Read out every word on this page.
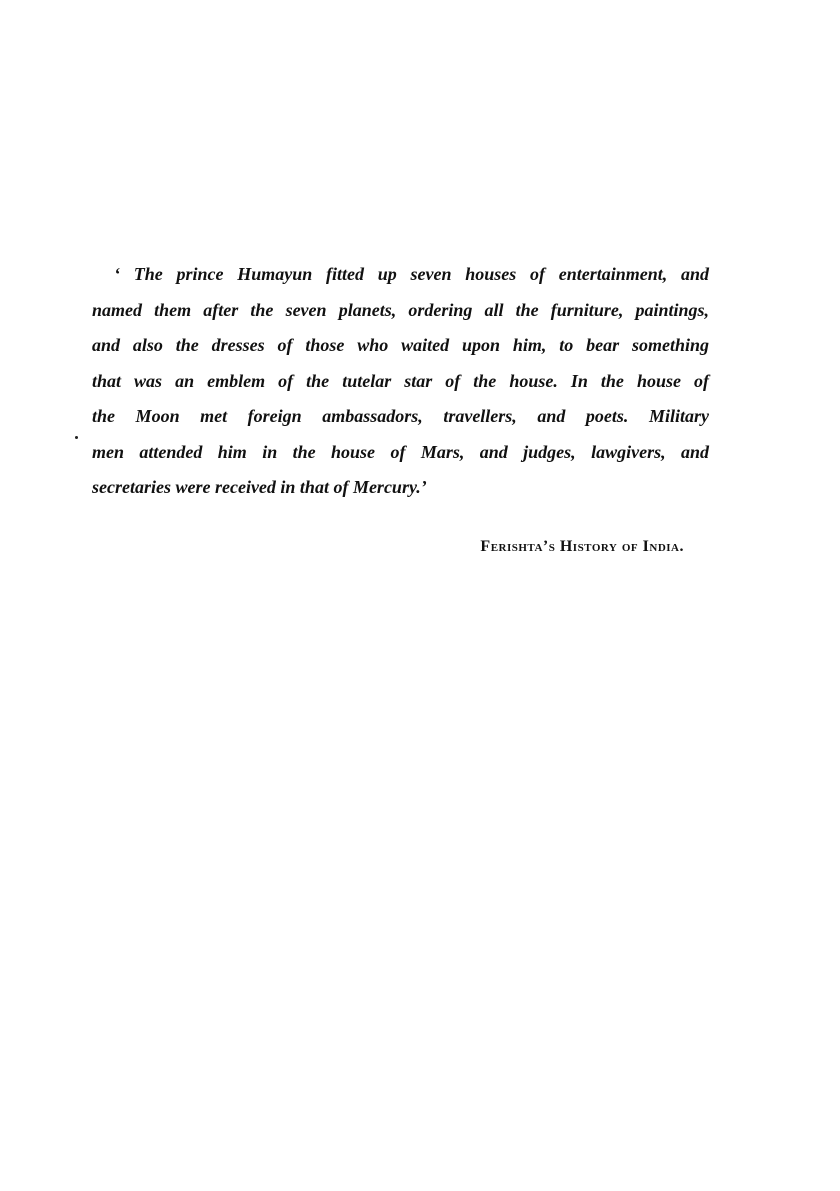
‘ The prince Humayun fitted up seven houses of entertainment, and
named them after the seven planets, ordering all the furniture, paintings,
and also the dresses of those who waited upon him, to bear something
that was an emblem of the tutelar star of the house. In the house of
the Moon met foreign ambassadors, travellers, and poets. Military
men attended him in the house of Mars, and judges, lawgivers, and
secretaries were received in that of Mercury.’
Ferishta’s History of India.
